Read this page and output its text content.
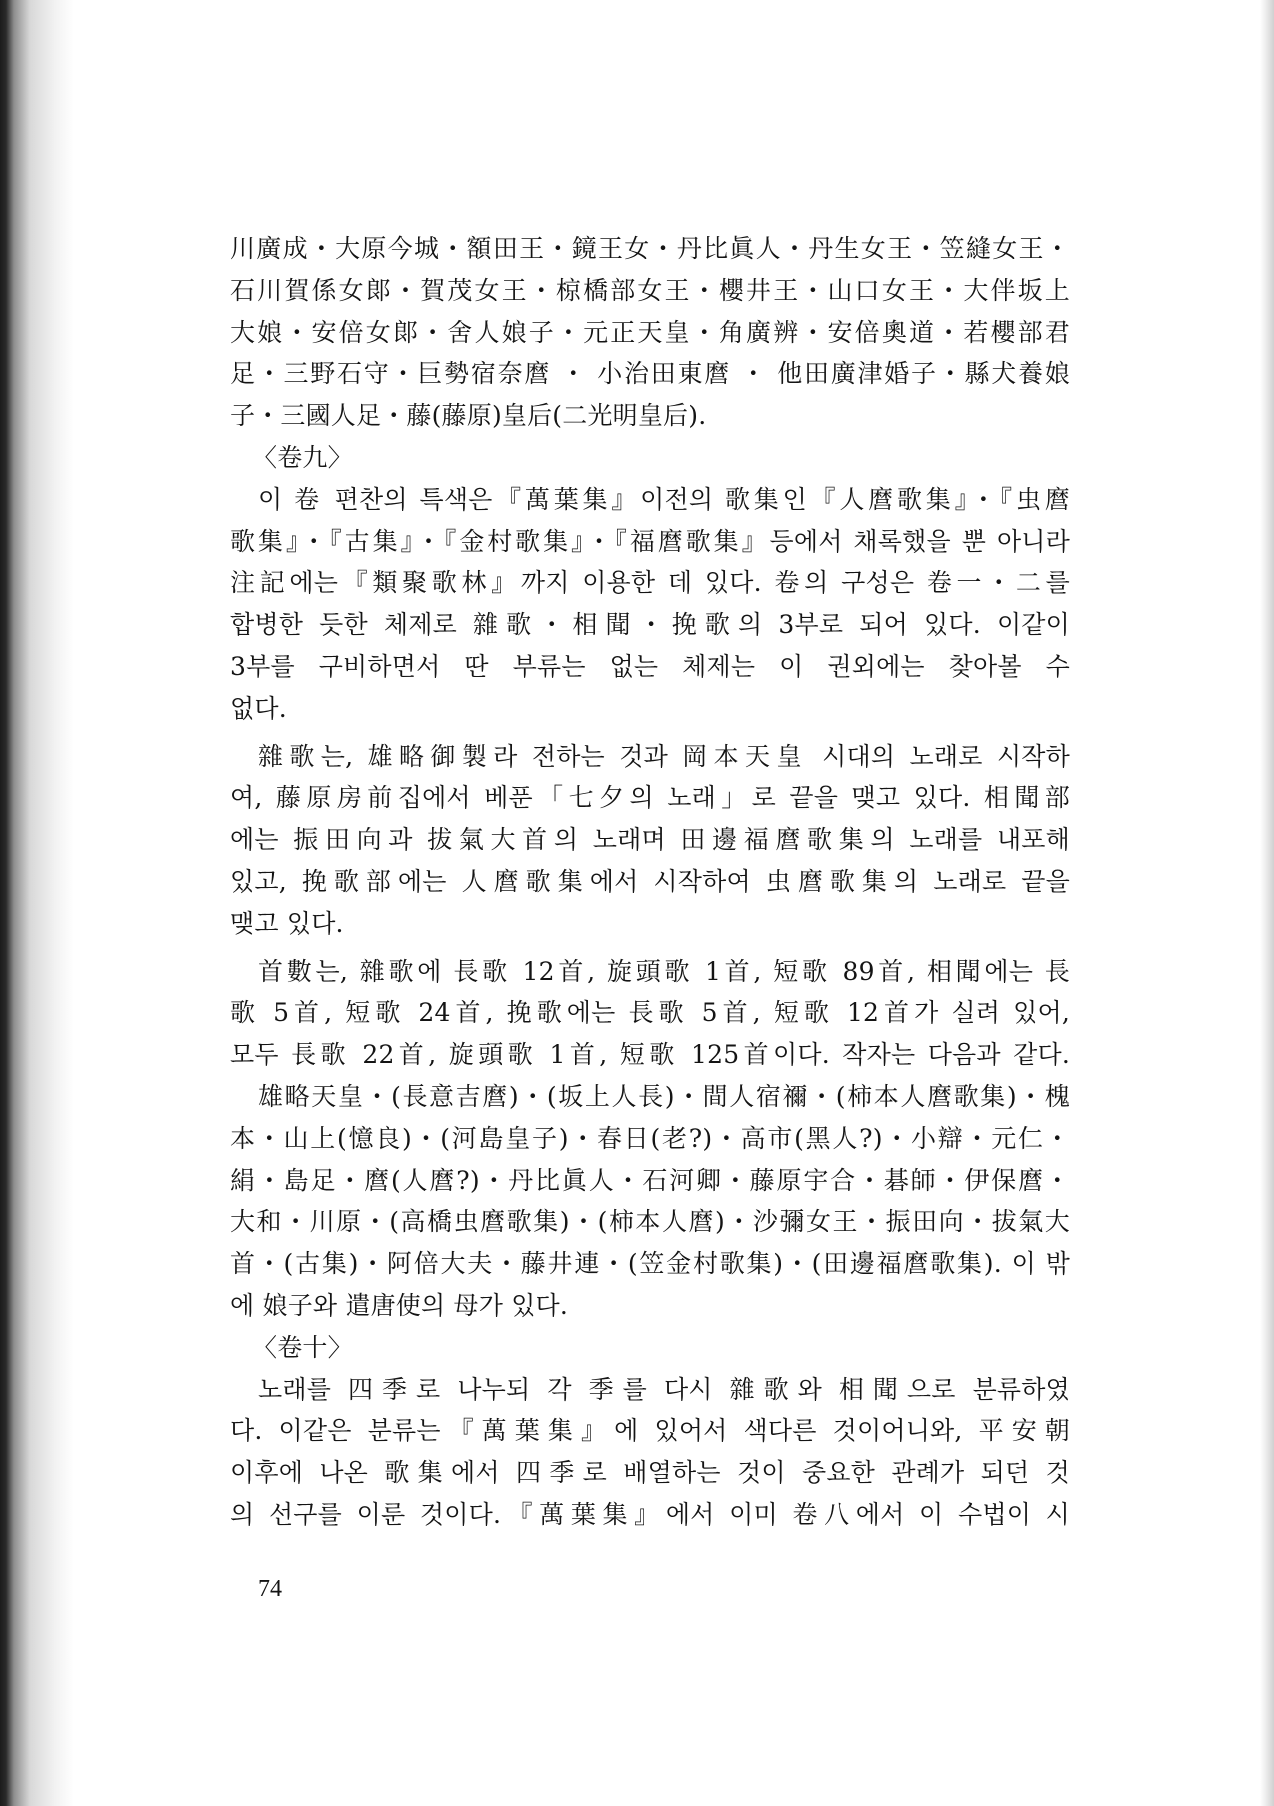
川廣成・大原今城・額田王・鏡王女・丹比眞人・丹生女王・笠縫女王・
石川賀係女郞・賀茂女王・椋橋部女王・櫻井王・山口女王・大伴坂上
大娘・安倍女郞・舍人娘子・元正天皇・角廣辨・安倍奧道・若櫻部君
足・三野石守・巨勢宿奈麿 ・ 小治田東麿 ・ 他田廣津婚子・縣犬養娘
子・三國人足・藤(藤原)皇后(二光明皇后).
〈卷九〉
이 卷 편찬의 특색은『萬葉集』이전의 歌集인『人麿歌集』・『虫麿
歌集』・『古集』・『金村歌集』・『福麿歌集』등에서 채록했을 뿐 아니라
注記에는『類聚歌林』까지 이용한 데 있다. 卷의 구성은 卷一・二를
합병한 듯한 체제로 雜歌・相聞・挽歌의 3부로 되어 있다. 이같이
3부를 구비하면서 딴 부류는 없는 체제는 이 권외에는 찾아볼 수
없다.
雜歌는, 雄略御製라 전하는 것과 岡本天皇 시대의 노래로 시작하
여, 藤原房前집에서 베푼「七夕의 노래」로 끝을 맺고 있다. 相聞部
에는 振田向과 拔氣大首의 노래며 田邊福麿歌集의 노래를 내포해
있고, 挽歌部에는 人麿歌集에서 시작하여 虫麿歌集의 노래로 끝을
맺고 있다.
首數는, 雜歌에 長歌 12首, 旋頭歌 1首, 短歌 89首, 相聞에는 長
歌 5首, 短歌 24首, 挽歌에는 長歌 5首, 短歌 12首가 실려 있어,
모두 長歌 22首, 旋頭歌 1首, 短歌 125首이다. 작자는 다음과 같다.
雄略天皇・(長意吉麿)・(坂上人長)・間人宿禰・(柿本人麿歌集)・槐
本・山上(憶良)・(河島皇子)・春日(老?)・高市(黑人?)・小辯・元仁・
絹・島足・麿(人麿?)・丹比眞人・石河卿・藤原宇合・碁師・伊保麿・
大和・川原・(高橋虫麿歌集)・(柿本人麿)・沙彌女王・振田向・拔氣大
首・(古集)・阿倍大夫・藤井連・(笠金村歌集)・(田邊福麿歌集). 이 밖
에 娘子와 遣唐使의 母가 있다.
〈卷十〉
노래를 四季로 나누되 각 季를 다시 雜歌와 相聞으로 분류하였
다. 이같은 분류는『萬葉集』에 있어서 색다른 것이어니와, 平安朝
이후에 나온 歌集에서 四季로 배열하는 것이 중요한 관례가 되던 것
의 선구를 이룬 것이다.『萬葉集』에서 이미 卷八에서 이 수법이 시
74
